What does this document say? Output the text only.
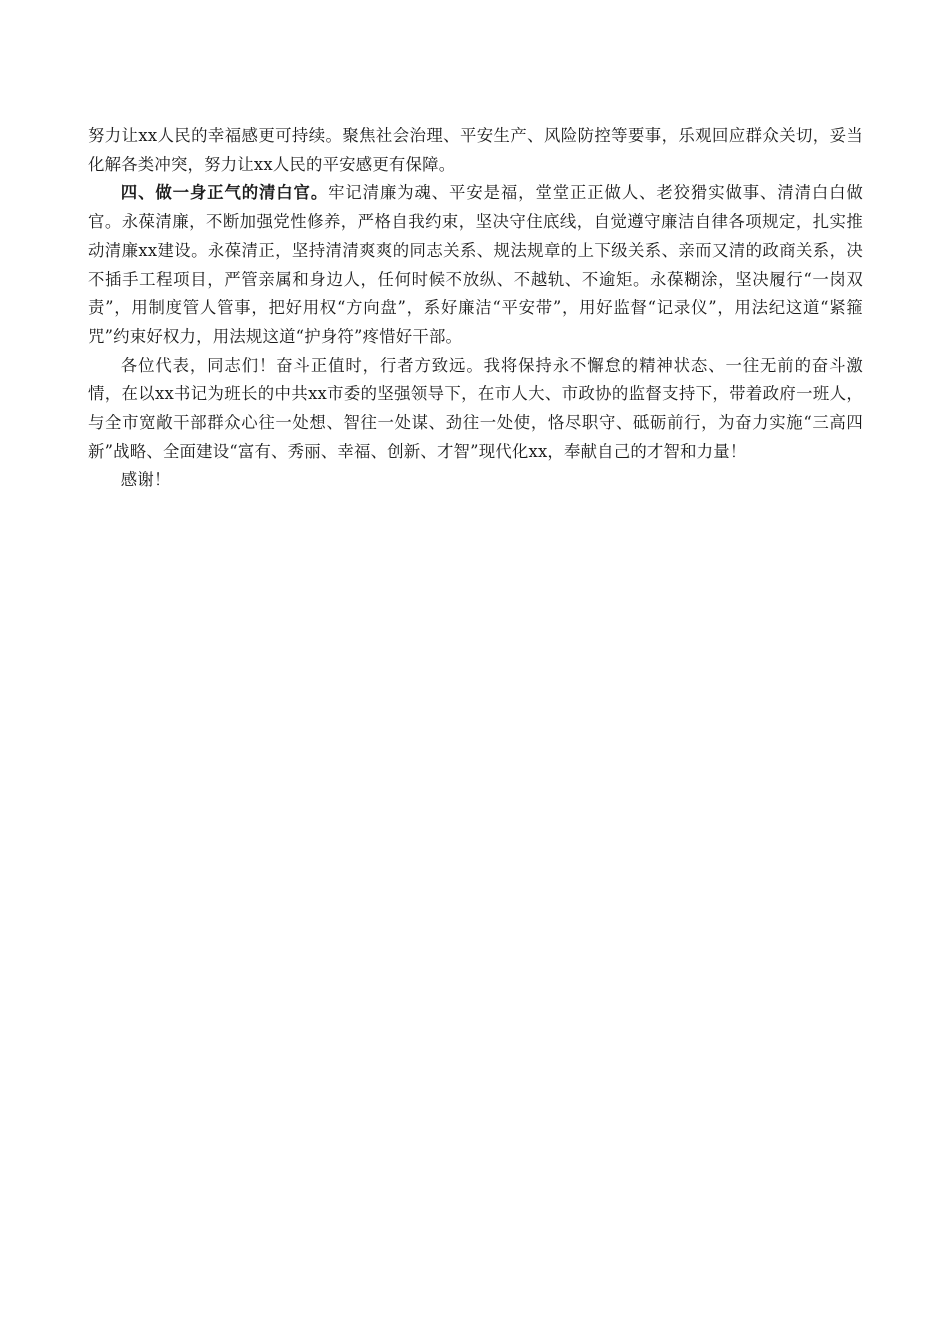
努力让xx人民的幸福感更可持续。聚焦社会治理、平安生产、风险防控等要事，乐观回应群众关切，妥当化解各类冲突，努力让xx人民的平安感更有保障。

四、做一身正气的清白官。牢记清廉为魂、平安是福，堂堂正正做人、老狡猾实做事、清清白白做官。永葆清廉，不断加强党性修养，严格自我约束，坚决守住底线，自觉遵守廉洁自律各项规定，扎实推动清廉xx建设。永葆清正，坚持清清爽爽的同志关系、规法规章的上下级关系、亲而又清的政商关系，决不插手工程项目，严管亲属和身边人，任何时候不放纵、不越轨、不逾矩。永葆糊涂，坚决履行“一岗双责”，用制度管人管事，把好用权“方向盘”，系好廉洁“平安带”，用好监督“记录仪”，用法纪这道“紧箍咒”约束好权力，用法规这道“护身符”疼惜好干部。

各位代表，同志们！奋斗正值时，行者方致远。我将保持永不懈怠的精神状态、一往无前的奋斗激情，在以xx书记为班长的中共xx市委的坚强领导下，在市人大、市政协的监督支持下，带着政府一班人，与全市宽敞干部群众心往一处想、智往一处谋、劲往一处使，恪尽职守、砥砺前行，为奋力实施“三高四新”战略、全面建设“富有、秀丽、幸福、创新、才智”现代化xx，奉献自己的才智和力量！

感谢！
